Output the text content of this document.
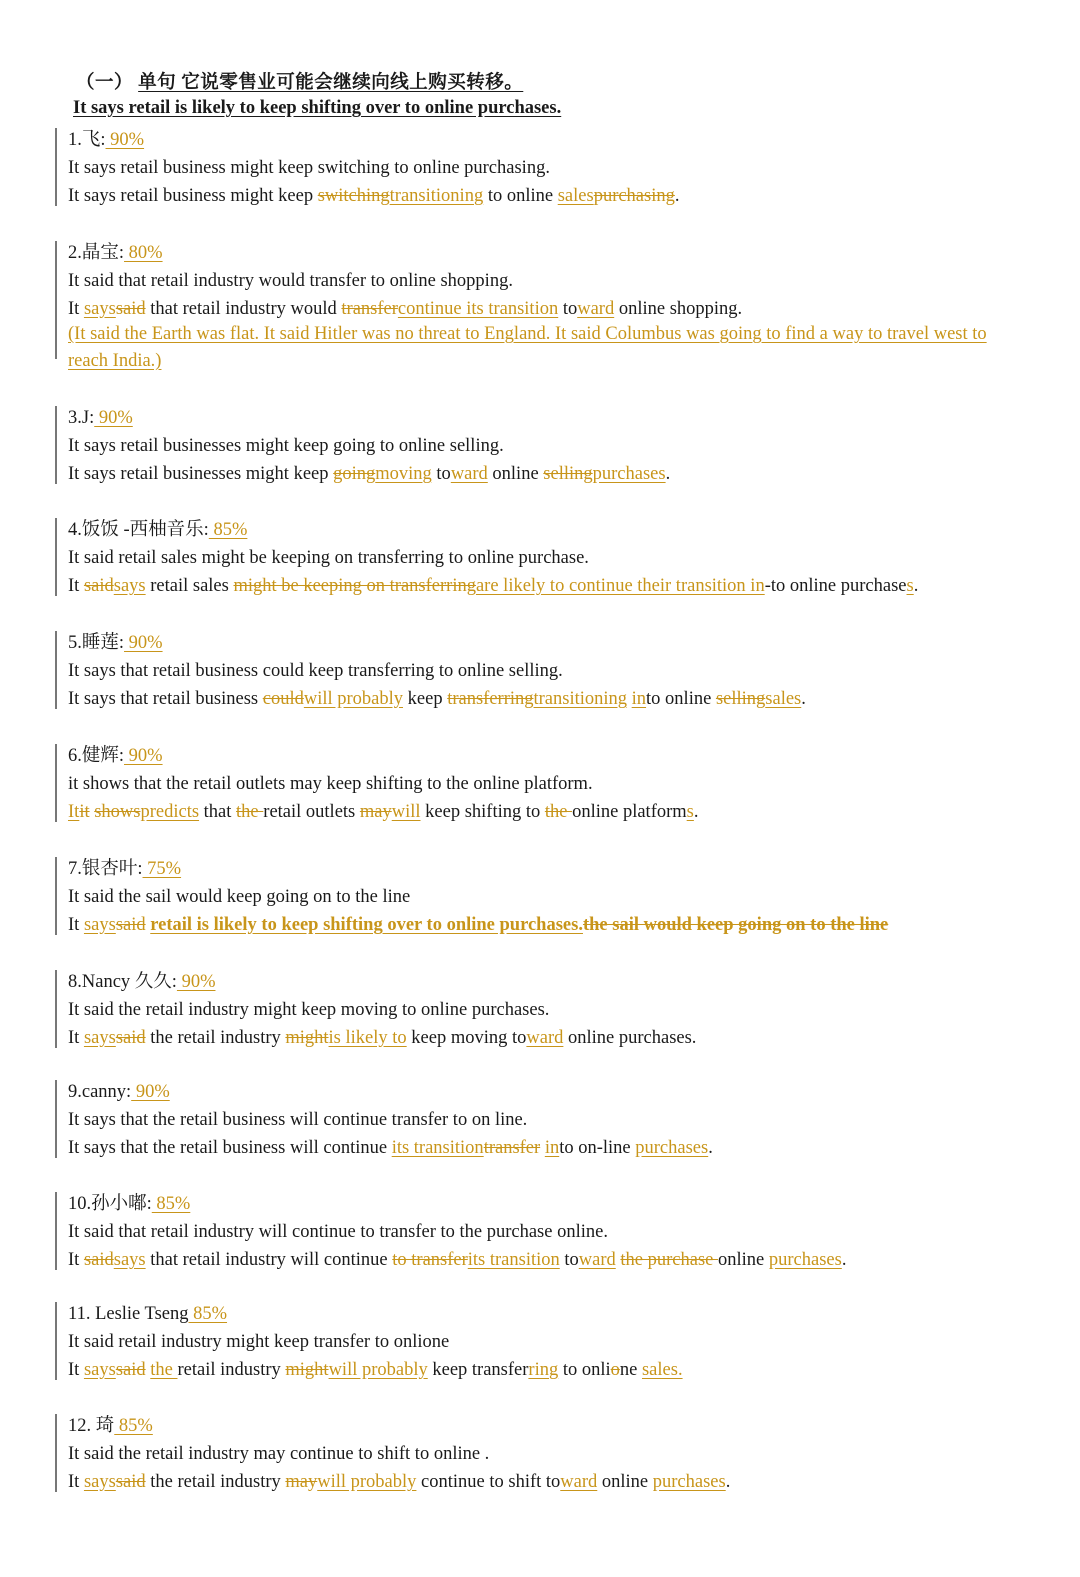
（一） 单句 它说零售业可能会继续向线上购买转移。
It says retail is likely to keep shifting over to online purchases.
1.飞: 90%
It says retail business might keep switching to online purchasing.
It says retail business might keep switchingtransitioning to online salespurchasing.
2.晶宝: 80%
It said that retail industry would transfer to online shopping.
It sayssaid that retail industry would transfercontinue its transition toward online shopping.
(It said the Earth was flat. It said Hitler was no threat to England. It said Columbus was going to find a way to travel west to reach India.)
3.J: 90%
It says retail businesses might keep going to online selling.
It says retail businesses might keep goingmoving toward online sellingpurchases.
4.饭饭 -西柚音乐: 85%
It said retail sales might be keeping on transferring to online purchase.
It saidsays retail sales might be keeping on transferringare likely to continue their transition in-to online purchases.
5.睡莲: 90%
It says that retail business could keep transferring to online selling.
It says that retail business couldwill probably keep transferringtransitioning into online sellingsales.
6.健辉: 90%
it shows that the retail outlets may keep shifting to the online platform.
Itit showspredicts that the retail outlets maywill keep shifting to the online platforms.
7.银杏叶: 75%
It said the sail would keep going on to the line
It sayssaid retail is likely to keep shifting over to online purchases.the sail would keep going on to the line
8.Nancy 久久: 90%
It said the retail industry might keep moving to online purchases.
It sayssaid the retail industry mightis likely to keep moving toward online purchases.
9.canny: 90%
It says that the retail business will continue transfer to on line.
It says that the retail business will continue its transitiontransfer into on-line purchases.
10.孙小嘟: 85%
It said that retail industry will continue to transfer to the purchase online.
It saidsays that retail industry will continue to transferits transition toward the purchase online purchases.
11. Leslie Tseng 85%
It said retail industry might keep transfer to onlione
It sayssaid the retail industry mightwill probably keep transferring to onlione sales.
12. 琦 85%
It said the retail industry may continue to shift to online .
It sayssaid the retail industry maywill probably continue to shift toward online purchases.
